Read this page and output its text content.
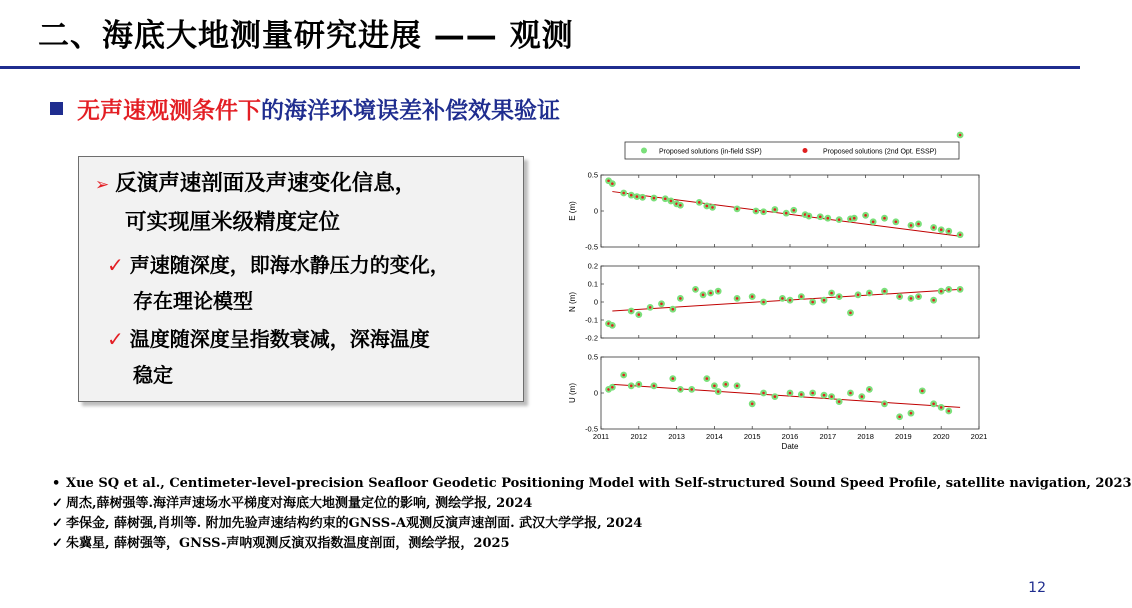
二、海底大地测量研究进展 —— 观测
无声速观测条件下的海洋环境误差补偿效果验证
➢ 反演声速剖面及声速变化信息，
可实现厘米级精度定位
✓ 声速随深度，即海水静压力的变化，
存在理论模型
✓ 温度随深度呈指数衰减，深海温度
稳定
Proposed solutions (in-field SSP)	Proposed solutions (2nd Opt. ESSP)
0.5
0
-0.5
E (m)
0.2
0.1
0
-0.1
-0.2
N (m)
0.5
0
-0.5
U (m)
2011	2012	2013	2014	2015	2016	2017	2018	2019	2020	2021
Date
• Xue SQ et al., Centimeter-level-precision Seafloor Geodetic Positioning Model with Self-structured Sound Speed Profile, satellite navigation, 2023
✓ 周杰,薛树强等.海洋声速场水平梯度对海底大地测量定位的影响, 测绘学报, 2024
✓ 李保金, 薛树强,肖圳等. 附加先验声速结构约束的GNSS-A观测反演声速剖面. 武汉大学学报, 2024
✓ 朱冀星, 薛树强等，GNSS-声呐观测反演双指数温度剖面，测绘学报，2025
12
